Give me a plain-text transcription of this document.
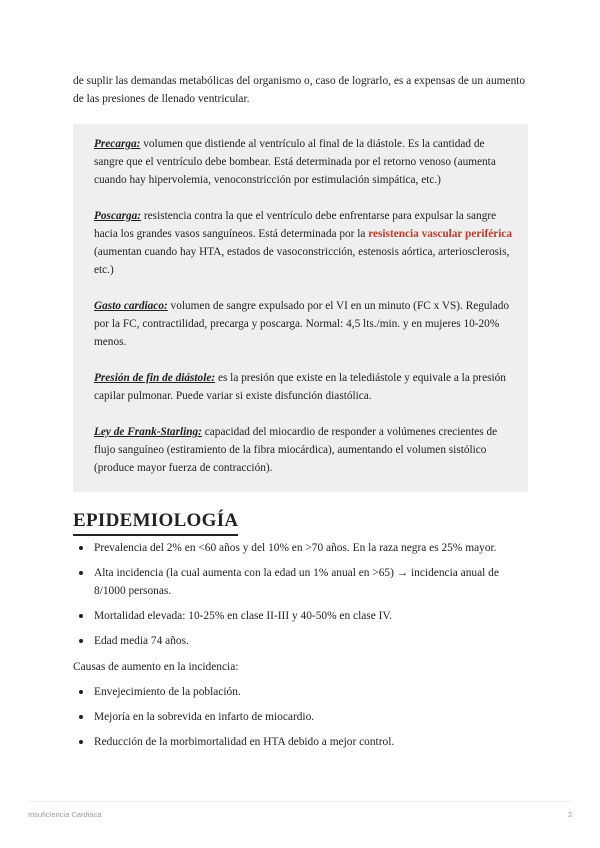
de suplir las demandas metabólicas del organismo o, caso de lograrlo, es a expensas de un aumento de las presiones de llenado ventricular.

Precarga: volumen que distiende al ventrículo al final de la diástole. Es la cantidad de sangre que el ventrículo debe bombear. Está determinada por el retorno venoso (aumenta cuando hay hipervolemia, venoconstricción por estimulación simpática, etc.)

Poscarga: resistencia contra la que el ventrículo debe enfrentarse para expulsar la sangre hacia los grandes vasos sanguíneos. Está determinada por la resistencia vascular periférica (aumentan cuando hay HTA, estados de vasoconstricción, estenosis aórtica, arteriosclerosis, etc.)

Gasto cardiaco: volumen de sangre expulsado por el VI en un minuto (FC x VS). Regulado por la FC, contractilidad, precarga y poscarga. Normal: 4,5 lts./min. y en mujeres 10-20% menos.

Presión de fin de diástole: es la presión que existe en la telediástole y equivale a la presión capilar pulmonar. Puede variar si existe disfunción diastólica.

Ley de Frank-Starling: capacidad del miocardio de responder a volúmenes crecientes de flujo sanguíneo (estiramiento de la fibra miocárdica), aumentando el volumen sistólico (produce mayor fuerza de contracción).

EPIDEMIOLOGÍA
Prevalencia del 2% en <60 años y del 10% en >70 años. En la raza negra es 25% mayor.
Alta incidencia (la cual aumenta con la edad un 1% anual en >65) → incidencia anual de 8/1000 personas.
Mortalidad elevada: 10-25% en clase II-III y 40-50% en clase IV.
Edad media 74 años.

Causas de aumento en la incidencia:

Envejecimiento de la población.
Mejoría en la sobrevida en infarto de miocardio.
Reducción de la morbimortalidad en HTA debido a mejor control.
Insuficiencia Cardiaca	2
